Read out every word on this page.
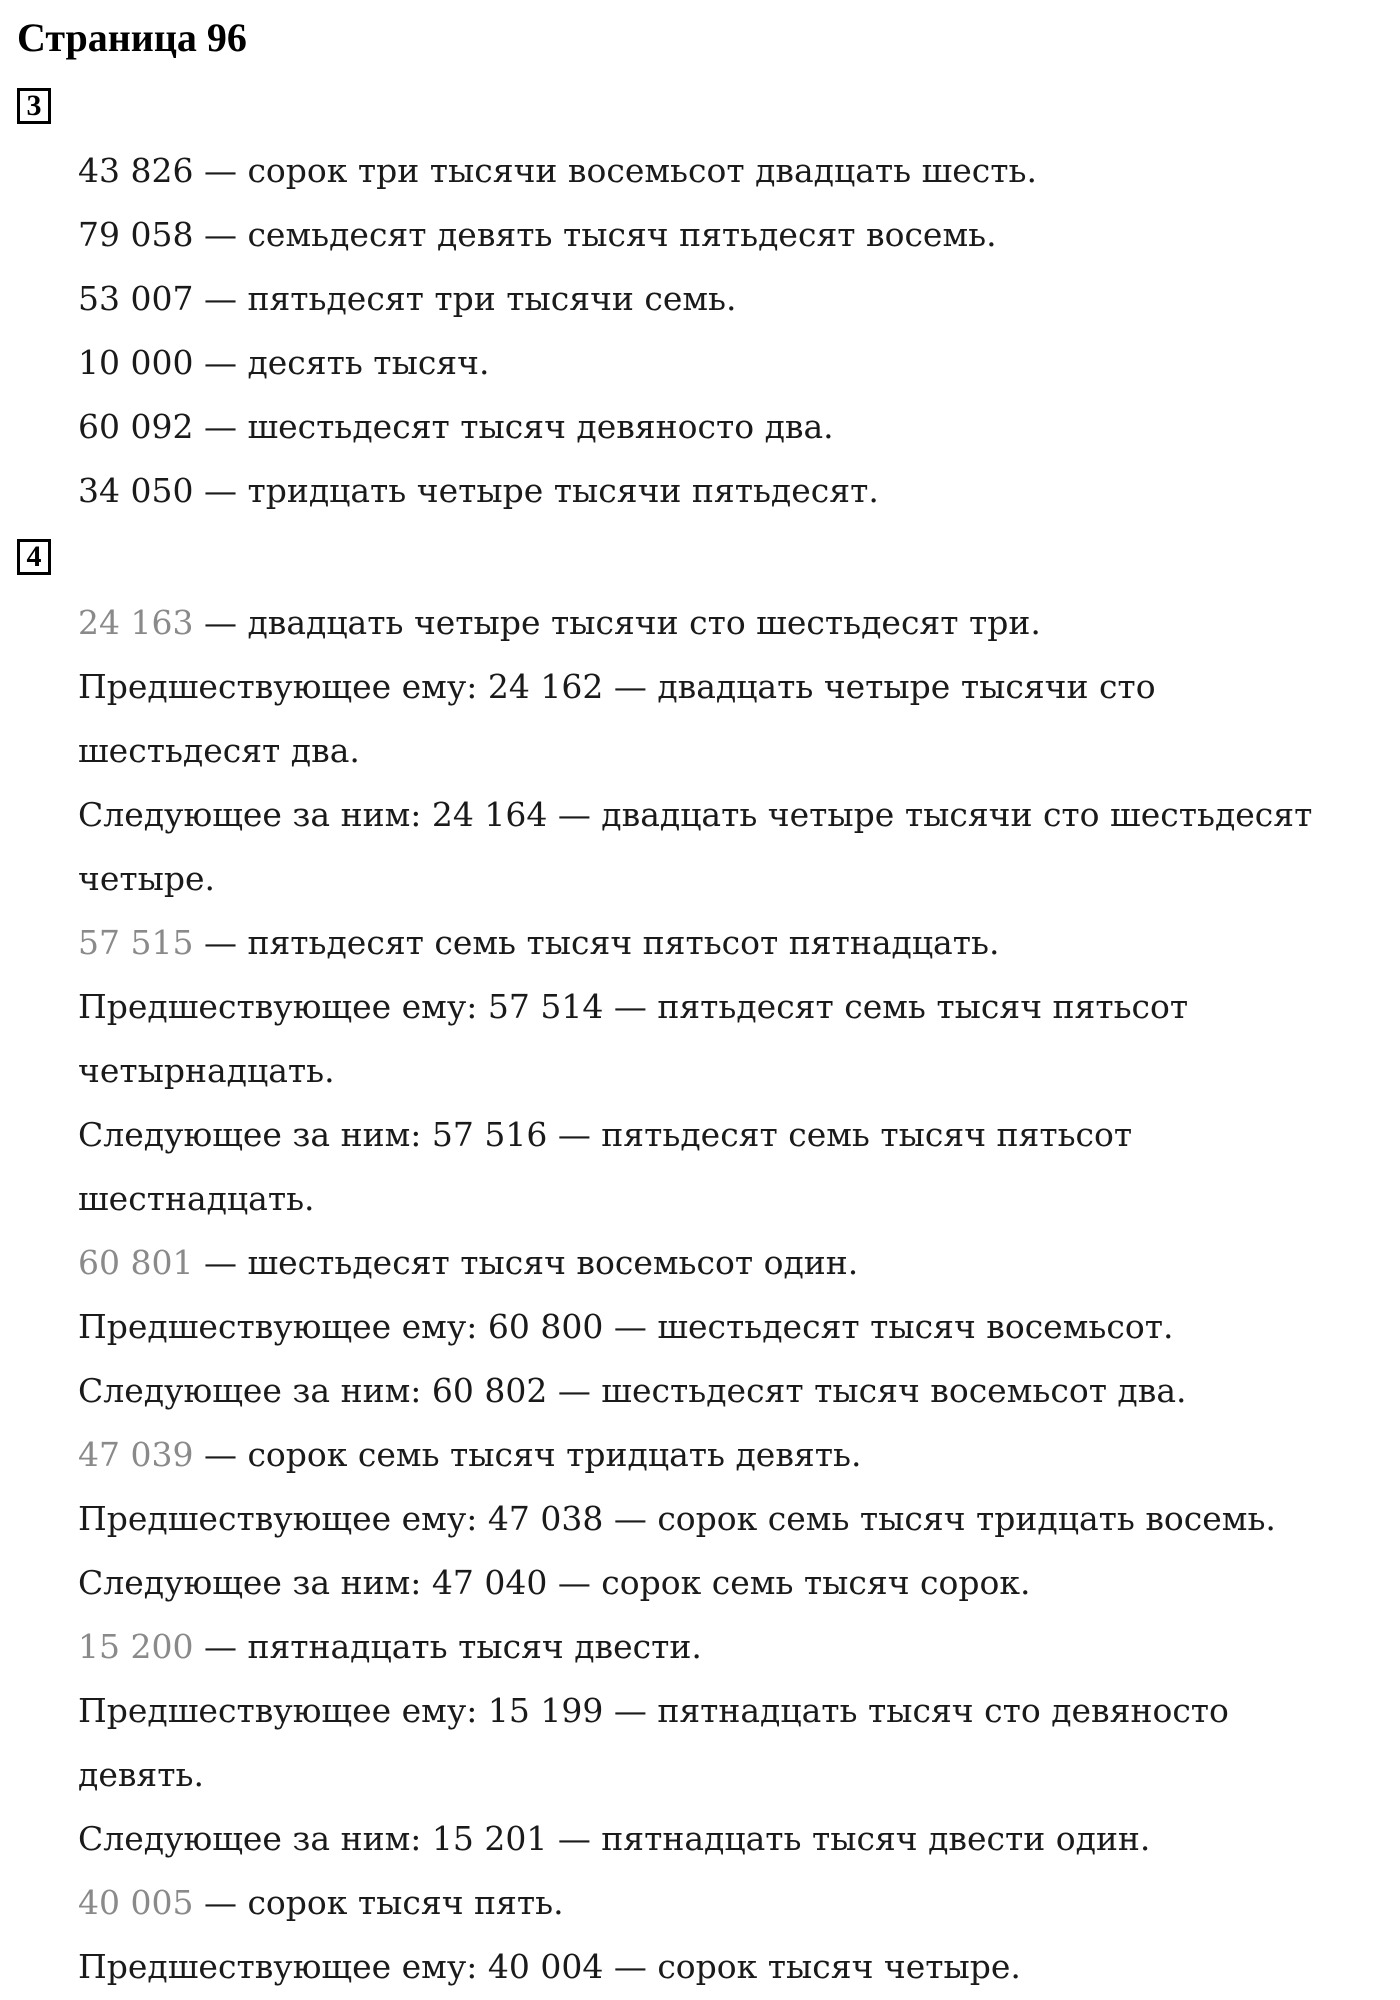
Страница 96
3
43 826 — сорок три тысячи восемьсот двадцать шесть.
79 058 — семьдесят девять тысяч пятьдесят восемь.
53 007 — пятьдесят три тысячи семь.
10 000 — десять тысяч.
60 092 — шестьдесят тысяч девяносто два.
34 050 — тридцать четыре тысячи пятьдесят.
4
24 163 — двадцать четыре тысячи сто шестьдесят три.
Предшествующее ему: 24 162 — двадцать четыре тысячи сто
шестьдесят два.
Следующее за ним: 24 164 — двадцать четыре тысячи сто шестьдесят
четыре.
57 515 — пятьдесят семь тысяч пятьсот пятнадцать.
Предшествующее ему: 57 514 — пятьдесят семь тысяч пятьсот
четырнадцать.
Следующее за ним: 57 516 — пятьдесят семь тысяч пятьсот
шестнадцать.
60 801 — шестьдесят тысяч восемьсот один.
Предшествующее ему: 60 800 — шестьдесят тысяч восемьсот.
Следующее за ним: 60 802 — шестьдесят тысяч восемьсот два.
47 039 — сорок семь тысяч тридцать девять.
Предшествующее ему: 47 038 — сорок семь тысяч тридцать восемь.
Следующее за ним: 47 040 — сорок семь тысяч сорок.
15 200 — пятнадцать тысяч двести.
Предшествующее ему: 15 199 — пятнадцать тысяч сто девяносто
девять.
Следующее за ним: 15 201 — пятнадцать тысяч двести один.
40 005 — сорок тысяч пять.
Предшествующее ему: 40 004 — сорок тысяч четыре.
